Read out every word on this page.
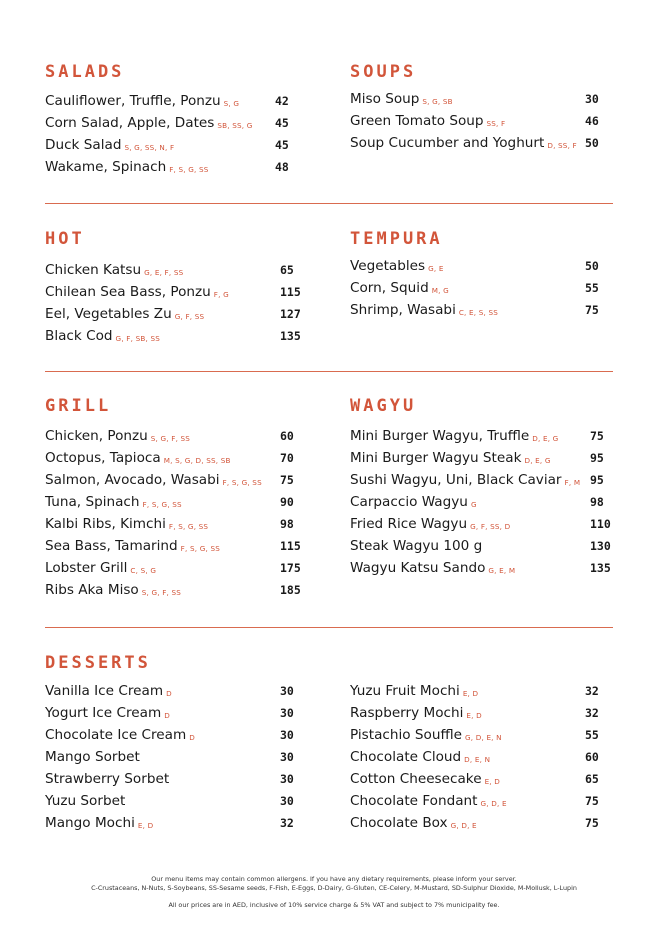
SALADS
Cauliflower, Truffle, Ponzu S, G	42
Corn Salad, Apple, Dates SB, SS, G 45
Duck Salad S, G, SS, N, F	45
Wakame, Spinach F, S, G, SS	48
SOUPS
Miso Soup S, G, SB	30
Green Tomato Soup SS, F	46
Soup Cucumber and Yoghurt D, SS, F 50
HOT
Chicken Katsu G, E, F, SS	65
Chilean Sea Bass, Ponzu F, G	115
Eel, Vegetables Zu G, F, SS	127
Black Cod G, F, SB, SS	135
TEMPURA
Vegetables G, E	50
Corn, Squid M, G	55
Shrimp, Wasabi C, E, S, SS	75
GRILL
Chicken, Ponzu S, G, F, SS	60
Octopus, Tapioca M, S, G, D, SS, SB	70
Salmon, Avocado, Wasabi F, S, G, SS 75
Tuna, Spinach F, S, G, SS	90
Kalbi Ribs, Kimchi F, S, G, SS	98
Sea Bass, Tamarind F, S, G, SS	115
Lobster Grill C, S, G	175
Ribs Aka Miso S, G, F, SS	185
WAGYU
Mini Burger Wagyu, Truffle D, E, G	75
Mini Burger Wagyu Steak D, E, G	95
Sushi Wagyu, Uni, Black Caviar F, M 95
Carpaccio Wagyu G	98
Fried Rice Wagyu G, F, SS, D	110
Steak Wagyu 100 g	130
Wagyu Katsu Sando G, E, M	135
DESSERTS
Vanilla Ice Cream D	30
Yogurt Ice Cream D	30
Chocolate Ice Cream D	30
Mango Sorbet	30
Strawberry Sorbet	30
Yuzu Sorbet	30
Mango Mochi E, D	32
Yuzu Fruit Mochi E, D	32
Raspberry Mochi E, D	32
Pistachio Souffle G, D, E, N	55
Chocolate Cloud D, E, N	60
Cotton Cheesecake E, D	65
Chocolate Fondant G, D, E	75
Chocolate Box G, D, E	75
Our menu items may contain common allergens. If you have any dietary requirements, please inform your server.
C-Crustaceans, N-Nuts, S-Soybeans, SS-Sesame seeds, F-Fish, E-Eggs, D-Dairy, G-Gluten, CE-Celery, M-Mustard, SD-Sulphur Dioxide, M-Mollusk, L-Lupin
All our prices are in AED, inclusive of 10% service charge & 5% VAT and subject to 7% municipality fee.
